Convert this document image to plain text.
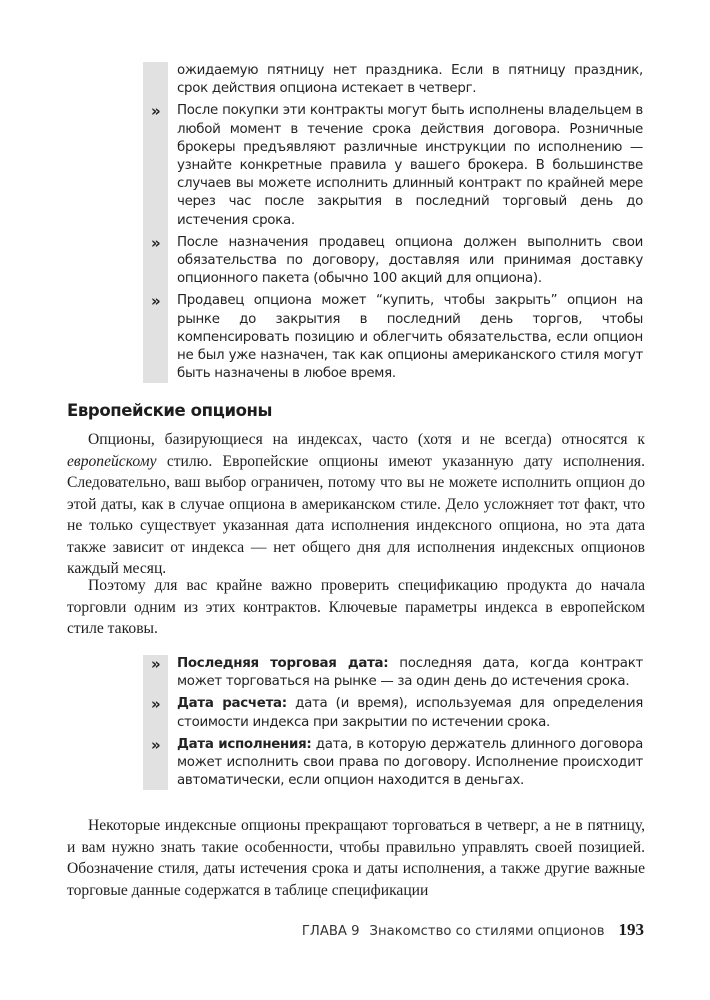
ожидаемую пятницу нет праздника. Если в пятницу праздник, срок действия опциона истекает в четверг.
» После покупки эти контракты могут быть исполнены владельцем в любой момент в течение срока действия договора. Розничные брокеры предъявляют различные инструкции по исполнению — узнайте конкретные правила у вашего брокера. В большинстве случаев вы можете исполнить длинный контракт по крайней мере через час после закрытия в последний торговый день до истечения срока.
» После назначения продавец опциона должен выполнить свои обязательства по договору, доставляя или принимая доставку опционного пакета (обычно 100 акций для опциона).
» Продавец опциона может “купить, чтобы закрыть” опцион на рынке до закрытия в последний день торгов, чтобы компенсировать позицию и облегчить обязательства, если опцион не был уже назначен, так как опционы американского стиля могут быть назначены в любое время.
Европейские опционы

Опционы, базирующиеся на индексах, часто (хотя и не всегда) относятся к европейскому стилю. Европейские опционы имеют указанную дату исполнения. Следовательно, ваш выбор ограничен, потому что вы не можете исполнить опцион до этой даты, как в случае опциона в американском стиле. Дело усложняет тот факт, что не только существует указанная дата исполнения индексного опциона, но эта дата также зависит от индекса — нет общего дня для исполнения индексных опционов каждый месяц.

Поэтому для вас крайне важно проверить спецификацию продукта до начала торговли одним из этих контрактов. Ключевые параметры индекса в европейском стиле таковы.

» Последняя торговая дата: последняя дата, когда контракт может торговаться на рынке — за один день до истечения срока.
» Дата расчета: дата (и время), используемая для определения стоимости индекса при закрытии по истечении срока.
» Дата исполнения: дата, в которую держатель длинного договора может исполнить свои права по договору. Исполнение происходит автоматически, если опцион находится в деньгах.

Некоторые индексные опционы прекращают торговаться в четверг, а не в пятницу, и вам нужно знать такие особенности, чтобы правильно управлять своей позицией. Обозначение стиля, даты истечения срока и даты исполнения, а также другие важные торговые данные содержатся в таблице спецификации

ГЛАВА 9 Знакомство со стилями опционов 193
